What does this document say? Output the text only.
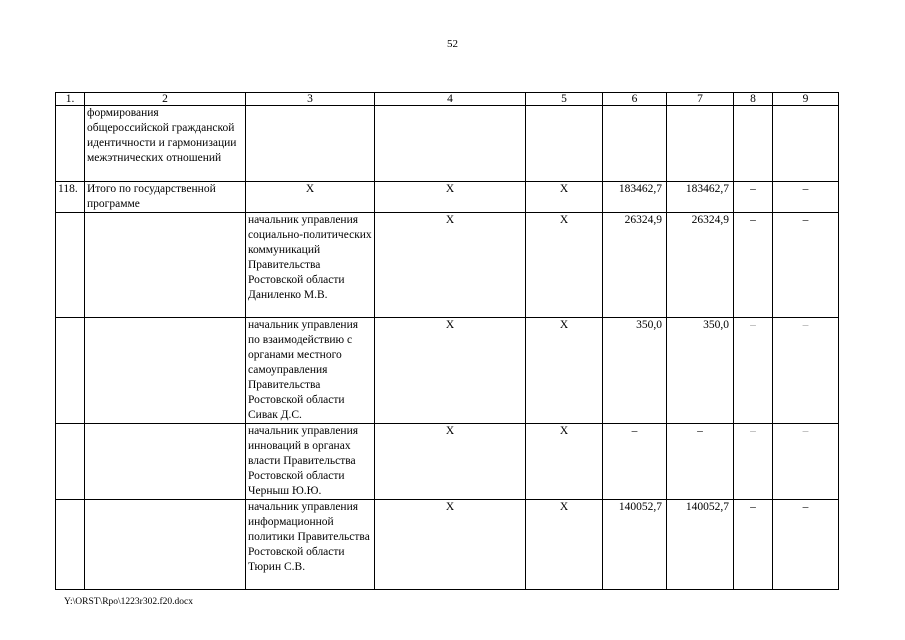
52
1.	2	3	4	5	6	7	8	9
	формирования общероссийской гражданской идентичности и гармонизации межэтнических отношений							
118.	Итого по государственной программе	Х	Х	Х	183462,7	183462,7	–	–
		начальник управления социально-политических коммуникаций Правительства Ростовской области Даниленко М.В.	Х	Х	26324,9	26324,9	–	–
		начальник управления по взаимодействию с органами местного самоуправления Правительства Ростовской области Сивак Д.С.	Х	Х	350,0	350,0	–	–
		начальник управления инноваций в органах власти Правительства Ростовской области Черныш Ю.Ю.	Х	Х	–	–	–	–
		начальник управления информационной политики Правительства Ростовской области Тюрин С.В.	Х	Х	140052,7	140052,7	–	–
Y:\ORST\Rpo\1223r302.f20.docx
